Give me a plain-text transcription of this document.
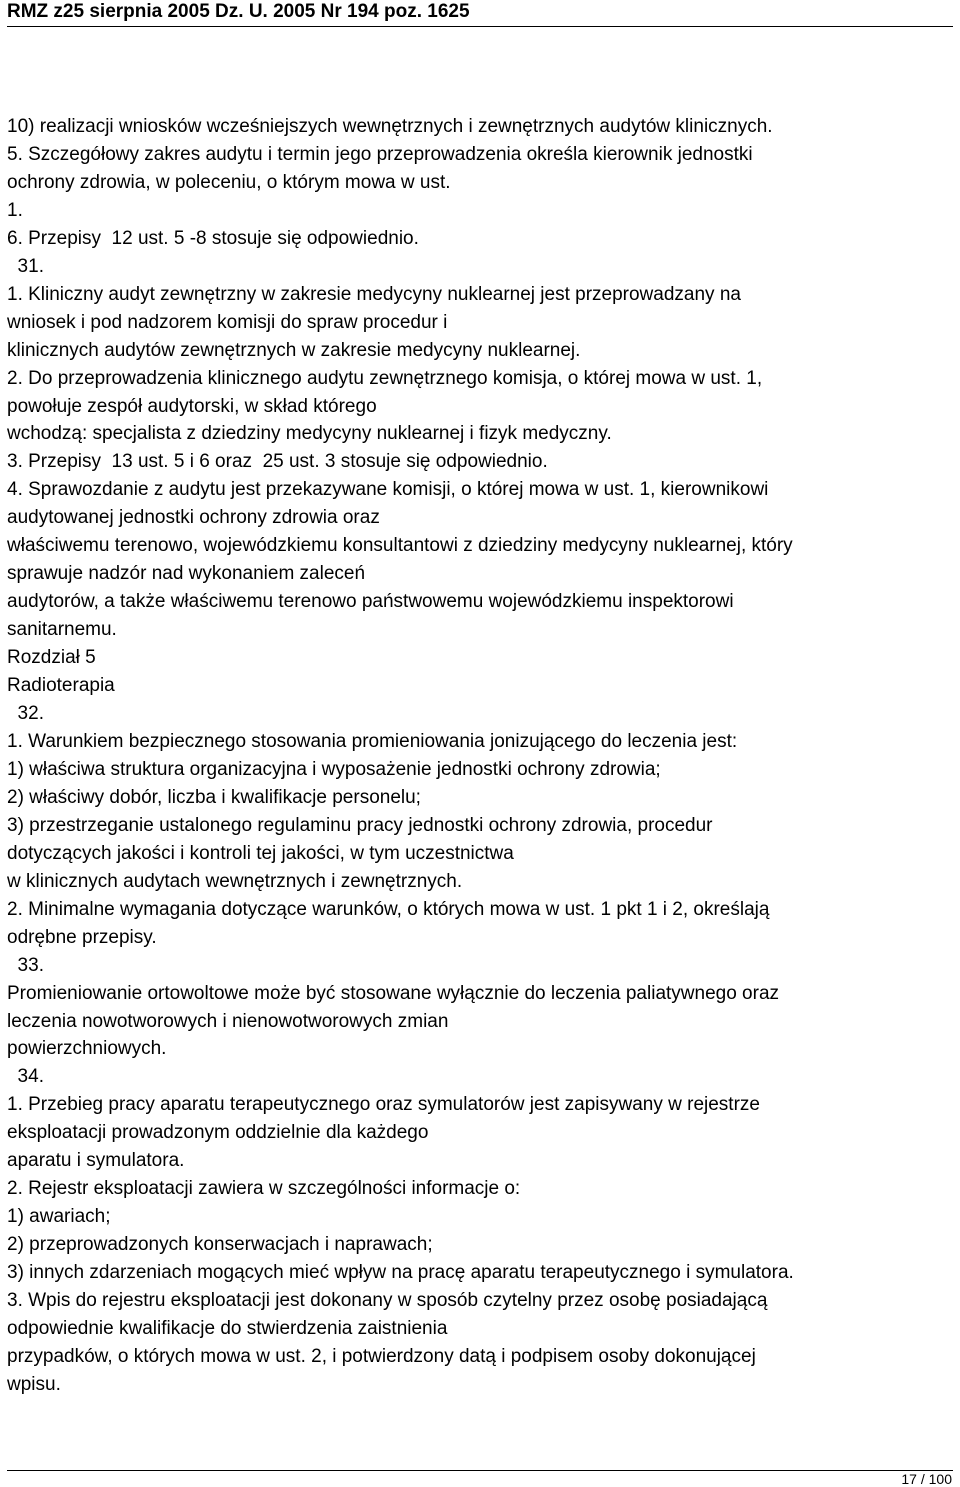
RMZ z25 sierpnia 2005 Dz. U. 2005 Nr 194 poz. 1625
10) realizacji wniosków wcześniejszych wewnętrznych i zewnętrznych audytów klinicznych.
5. Szczegółowy zakres audytu i termin jego przeprowadzenia określa kierownik jednostki
ochrony zdrowia, w poleceniu, o którym mowa w ust.
1.
6. Przepisy  12 ust. 5 -8 stosuje się odpowiednio.
31.
1. Kliniczny audyt zewnętrzny w zakresie medycyny nuklearnej jest przeprowadzany na
wniosek i pod nadzorem komisji do spraw procedur i
klinicznych audytów zewnętrznych w zakresie medycyny nuklearnej.
2. Do przeprowadzenia klinicznego audytu zewnętrznego komisja, o której mowa w ust. 1,
powołuje zespół audytorski, w skład którego
wchodzą: specjalista z dziedziny medycyny nuklearnej i fizyk medyczny.
3. Przepisy  13 ust. 5 i 6 oraz  25 ust. 3 stosuje się odpowiednio.
4. Sprawozdanie z audytu jest przekazywane komisji, o której mowa w ust. 1, kierownikowi
audytowanej jednostki ochrony zdrowia oraz
właściwemu terenowo, wojewódzkiemu konsultantowi z dziedziny medycyny nuklearnej, który
sprawuje nadzór nad wykonaniem zaleceń
audytorów, a także właściwemu terenowo państwowemu wojewódzkiemu inspektorowi
sanitarnemu.
Rozdział 5
Radioterapia
32.
1. Warunkiem bezpiecznego stosowania promieniowania jonizującego do leczenia jest:
1) właściwa struktura organizacyjna i wyposażenie jednostki ochrony zdrowia;
2) właściwy dobór, liczba i kwalifikacje personelu;
3) przestrzeganie ustalonego regulaminu pracy jednostki ochrony zdrowia, procedur
dotyczących jakości i kontroli tej jakości, w tym uczestnictwa
w klinicznych audytach wewnętrznych i zewnętrznych.
2. Minimalne wymagania dotyczące warunków, o których mowa w ust. 1 pkt 1 i 2, określają
odrębne przepisy.
33.
Promieniowanie ortowoltowe może być stosowane wyłącznie do leczenia paliatywnego oraz
leczenia nowotworowych i nienowotworowych zmian
powierzchniowych.
34.
1. Przebieg pracy aparatu terapeutycznego oraz symulatorów jest zapisywany w rejestrze
eksploatacji prowadzonym oddzielnie dla każdego
aparatu i symulatora.
2. Rejestr eksploatacji zawiera w szczególności informacje o:
1) awariach;
2) przeprowadzonych konserwacjach i naprawach;
3) innych zdarzeniach mogących mieć wpływ na pracę aparatu terapeutycznego i symulatora.
3. Wpis do rejestru eksploatacji jest dokonany w sposób czytelny przez osobę posiadającą
odpowiednie kwalifikacje do stwierdzenia zaistnienia
przypadków, o których mowa w ust. 2, i potwierdzony datą i podpisem osoby dokonującej
wpisu.
17 / 100
